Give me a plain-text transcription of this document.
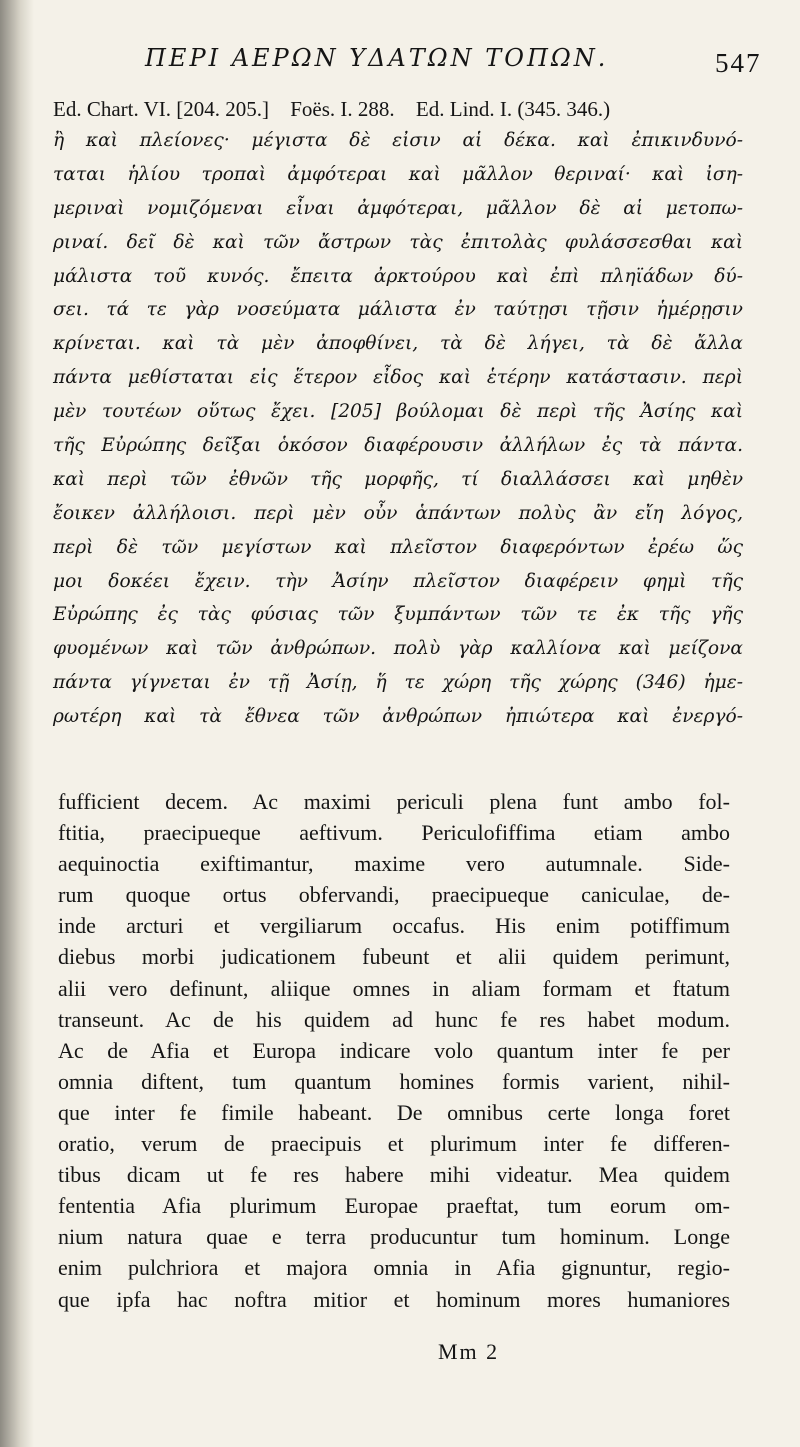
ΠΕΡΙ ΑΕΡΩΝ ΥΔΑΤΩΝ ΤΟΠΩΝ.	547
Ed. Chart. VI. [204. 205.] Foës. I. 288. Ed. Lind. I. (345. 346.)
ἢ καὶ πλείονες· μέγιστα δὲ εἰσιν αἱ δέκα. καὶ ἐπικινδυνό-
ταται ἡλίου τροπαὶ ἀμφότεραι καὶ μᾶλλον θεριναί· καὶ ἰση-
μεριναὶ νομιζόμεναι εἶναι ἀμφότεραι, μᾶλλον δὲ αἱ μετοπω-
ριναί. δεῖ δὲ καὶ τῶν ἄστρων τὰς ἐπιτολὰς φυλάσσεσθαι καὶ
μάλιστα τοῦ κυνός. ἔπειτα ἀρκτούρου καὶ ἐπὶ πληϊάδων δύ-
σει. τά τε γὰρ νοσεύματα μάλιστα ἐν ταύτῃσι τῇσιν ἡμέρῃσιν
κρίνεται. καὶ τὰ μὲν ἀποφθίνει, τὰ δὲ λήγει, τὰ δὲ ἄλλα
πάντα μεθίσταται εἰς ἕτερον εἶδος καὶ ἑτέρην κατάστασιν. περὶ
μὲν τουτέων οὕτως ἔχει. [205] βούλομαι δὲ περὶ τῆς Ἀσίης καὶ
τῆς Εὐρώπης δεῖξαι ὁκόσον διαφέρουσιν ἀλλήλων ἐς τὰ πάντα.
καὶ περὶ τῶν ἐθνῶν τῆς μορφῆς, τί διαλλάσσει καὶ μηθὲν
ἔοικεν ἀλλήλοισι. περὶ μὲν οὖν ἁπάντων πολὺς ἂν εἴη λόγος,
περὶ δὲ τῶν μεγίστων καὶ πλεῖστον διαφερόντων ἐρέω ὥς
μοι δοκέει ἔχειν. τὴν Ἀσίην πλεῖστον διαφέρειν φημὶ τῆς
Εὐρώπης ἐς τὰς φύσιας τῶν ξυμπάντων τῶν τε ἐκ τῆς γῆς
φυομένων καὶ τῶν ἀνθρώπων. πολὺ γὰρ καλλίονα καὶ μείζονα
πάντα γίγνεται ἐν τῇ Ἀσίῃ, ἥ τε χώρη τῆς χώρης (346) ἡμε-
ρωτέρη καὶ τὰ ἔθνεα τῶν ἀνθρώπων ἠπιώτερα καὶ ἐνεργό-
fufficient decem. Ac maximi periculi plena funt ambo fol-
ftitia, praecipueque aeftivum. Periculofiffima etiam ambo
aequinoctia exiftimantur, maxime vero autumnale. Side-
rum quoque ortus obfervandi, praecipueque caniculae, de-
inde arcturi et vergiliarum occafus. His enim potiffimum
diebus morbi judicationem fubeunt et alii quidem perimunt,
alii vero definunt, aliique omnes in aliam formam et ftatum
transeunt. Ac de his quidem ad hunc fe res habet modum.
Ac de Afia et Europa indicare volo quantum inter fe per
omnia diftent, tum quantum homines formis varient, nihil-
que inter fe fimile habeant. De omnibus certe longa foret
oratio, verum de praecipuis et plurimum inter fe differen-
tibus dicam ut fe res habere mihi videatur. Mea quidem
fententia Afia plurimum Europae praeftat, tum eorum om-
nium natura quae e terra producuntur tum hominum. Longe
enim pulchriora et majora omnia in Afia gignuntur, regio-
que ipfa hac noftra mitior et hominum mores humaniores
Mm 2
